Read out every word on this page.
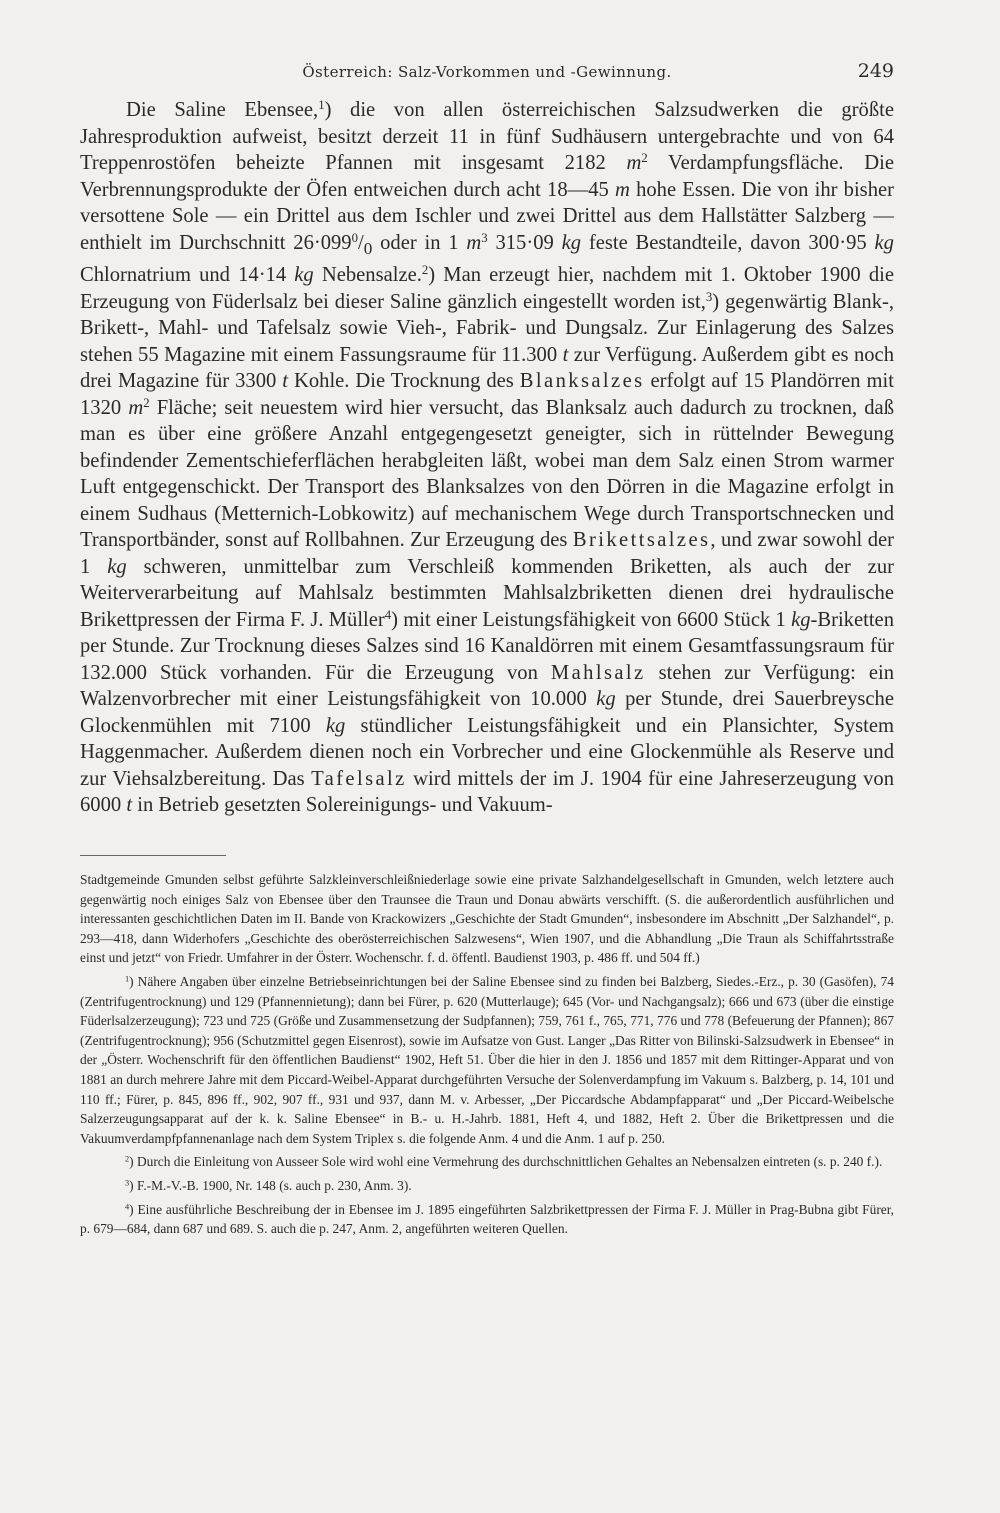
Österreich: Salz-Vorkommen und -Gewinnung.	249

Die Saline Ebensee,$^1$) die von allen österreichischen Salzsudwerken die größte Jahresproduktion aufweist, besitzt derzeit 11 in fünf Sudhäusern untergebrachte und von 64 Treppenrostöfen beheizte Pfannen mit insgesamt 2182 $m^2$ Verdampfungsfläche. Die Verbrennungsprodukte der Öfen entweichen durch acht 18—45 m hohe Essen. Die von ihr bisher versottene Sole — ein Drittel aus dem Ischler und zwei Drittel aus dem Hallstätter Salzberg — enthielt im Durchschnitt $26\cdot 099^0/_0$ oder in 1 $m^3$ 315·09 kg feste Bestandteile, davon 300·95 kg Chlornatrium und 14·14 kg Nebensalze.$^2$) Man erzeugt hier, nachdem mit 1. Oktober 1900 die Erzeugung von Füderlsalz bei dieser Saline gänzlich eingestellt worden ist,$^3$) gegenwärtig Blank-, Brikett-, Mahl- und Tafelsalz sowie Vieh-, Fabrik- und Dungsalz. Zur Einlagerung des Salzes stehen 55 Magazine mit einem Fassungsraume für 11.300 t zur Verfügung. Außerdem gibt es noch drei Magazine für 3300 t Kohle. Die Trocknung des Blanksalzes erfolgt auf 15 Plandörren mit 1320 $m^2$ Fläche; seit neuestem wird hier versucht, das Blanksalz auch dadurch zu trocknen, daß man es über eine größere Anzahl entgegengesetzt geneigter, sich in rüttelnder Bewegung befindender Zementschieferflächen herabgleiten läßt, wobei man dem Salz einen Strom warmer Luft entgegenschickt. Der Transport des Blanksalzes von den Dörren in die Magazine erfolgt in einem Sudhaus (Metternich-Lobkowitz) auf mechanischem Wege durch Transportschnecken und Transportbänder, sonst auf Rollbahnen. Zur Erzeugung des Brikettsalzes, und zwar sowohl der 1 kg schweren, unmittelbar zum Verschleiß kommenden Briketten, als auch der zur Weiterverarbeitung auf Mahlsalz bestimmten Mahlsalzbriketten dienen drei hydraulische Brikettpressen der Firma F. J. Müller$^4$) mit einer Leistungsfähigkeit von 6600 Stück 1 kg-Briketten per Stunde. Zur Trocknung dieses Salzes sind 16 Kanaldörren mit einem Gesamtfassungsraum für 132.000 Stück vorhanden. Für die Erzeugung von Mahlsalz stehen zur Verfügung: ein Walzenvorbrecher mit einer Leistungsfähigkeit von 10.000 kg per Stunde, drei Sauerbreysche Glockenmühlen mit 7100 kg stündlicher Leistungsfähigkeit und ein Plansichter, System Haggenmacher. Außerdem dienen noch ein Vorbrecher und eine Glockenmühle als Reserve und zur Viehsalzbereitung. Das Tafelsalz wird mittels der im J. 1904 für eine Jahreserzeugung von 6000 t in Betrieb gesetzten Solereinigungs- und Vakuum-

Stadtgemeinde Gmunden selbst geführte Salzkleinverschleißniederlage sowie eine private Salzhandelgesellschaft in Gmunden, welch letztere auch gegenwärtig noch einiges Salz von Ebensee über den Traunsee die Traun und Donau abwärts verschifft. (S. die außerordentlich ausführlichen und interessanten geschichtlichen Daten im II. Bande von Krackowizers „Geschichte der Stadt Gmunden“, insbesondere im Abschnitt „Der Salzhandel“, p. 293—418, dann Widerhofers „Geschichte des oberösterreichischen Salzwesens“, Wien 1907, und die Abhandlung „Die Traun als Schiffahrtsstraße einst und jetzt“ von Friedr. Umfahrer in der Österr. Wochenschr. f. d. öffentl. Baudienst 1903, p. 486 ff. und 504 ff.)

$^1$) Nähere Angaben über einzelne Betriebseinrichtungen bei der Saline Ebensee sind zu finden bei Balzberg, Siedes.-Erz., p. 30 (Gasöfen), 74 (Zentrifugentrocknung) und 129 (Pfannennietung); dann bei Fürer, p. 620 (Mutterlauge); 645 (Vor- und Nachgangsalz); 666 und 673 (über die einstige Füderlsalzerzeugung); 723 und 725 (Größe und Zusammensetzung der Sudpfannen); 759, 761 f., 765, 771, 776 und 778 (Befeuerung der Pfannen); 867 (Zentrifugentrocknung); 956 (Schutzmittel gegen Eisenrost), sowie im Aufsatze von Gust. Langer „Das Ritter von Bilinski-Salzsudwerk in Ebensee“ in der „Österr. Wochenschrift für den öffentlichen Baudienst“ 1902, Heft 51. Über die hier in den J. 1856 und 1857 mit dem Rittinger-Apparat und von 1881 an durch mehrere Jahre mit dem Piccard-Weibel-Apparat durchgeführten Versuche der Solenverdampfung im Vakuum s. Balzberg, p. 14, 101 und 110 ff.; Fürer, p. 845, 896 ff., 902, 907 ff., 931 und 937, dann M. v. Arbesser, „Der Piccardsche Abdampfapparat“ und „Der Piccard-Weibelsche Salzerzeugungsapparat auf der k. k. Saline Ebensee“ in B.- u. H.-Jahrb. 1881, Heft 4, und 1882, Heft 2. Über die Brikettpressen und die Vakuumverdampfpfannenanlage nach dem System Triplex s. die folgende Anm. 4 und die Anm. 1 auf p. 250.

$^2$) Durch die Einleitung von Ausseer Sole wird wohl eine Vermehrung des durchschnittlichen Gehaltes an Nebensalzen eintreten (s. p. 240 f.).

$^3$) F.-M.-V.-B. 1900, Nr. 148 (s. auch p. 230, Anm. 3).

$^4$) Eine ausführliche Beschreibung der in Ebensee im J. 1895 eingeführten Salzbrikettpressen der Firma F. J. Müller in Prag-Bubna gibt Fürer, p. 679—684, dann 687 und 689. S. auch die p. 247, Anm. 2, angeführten weiteren Quellen.
